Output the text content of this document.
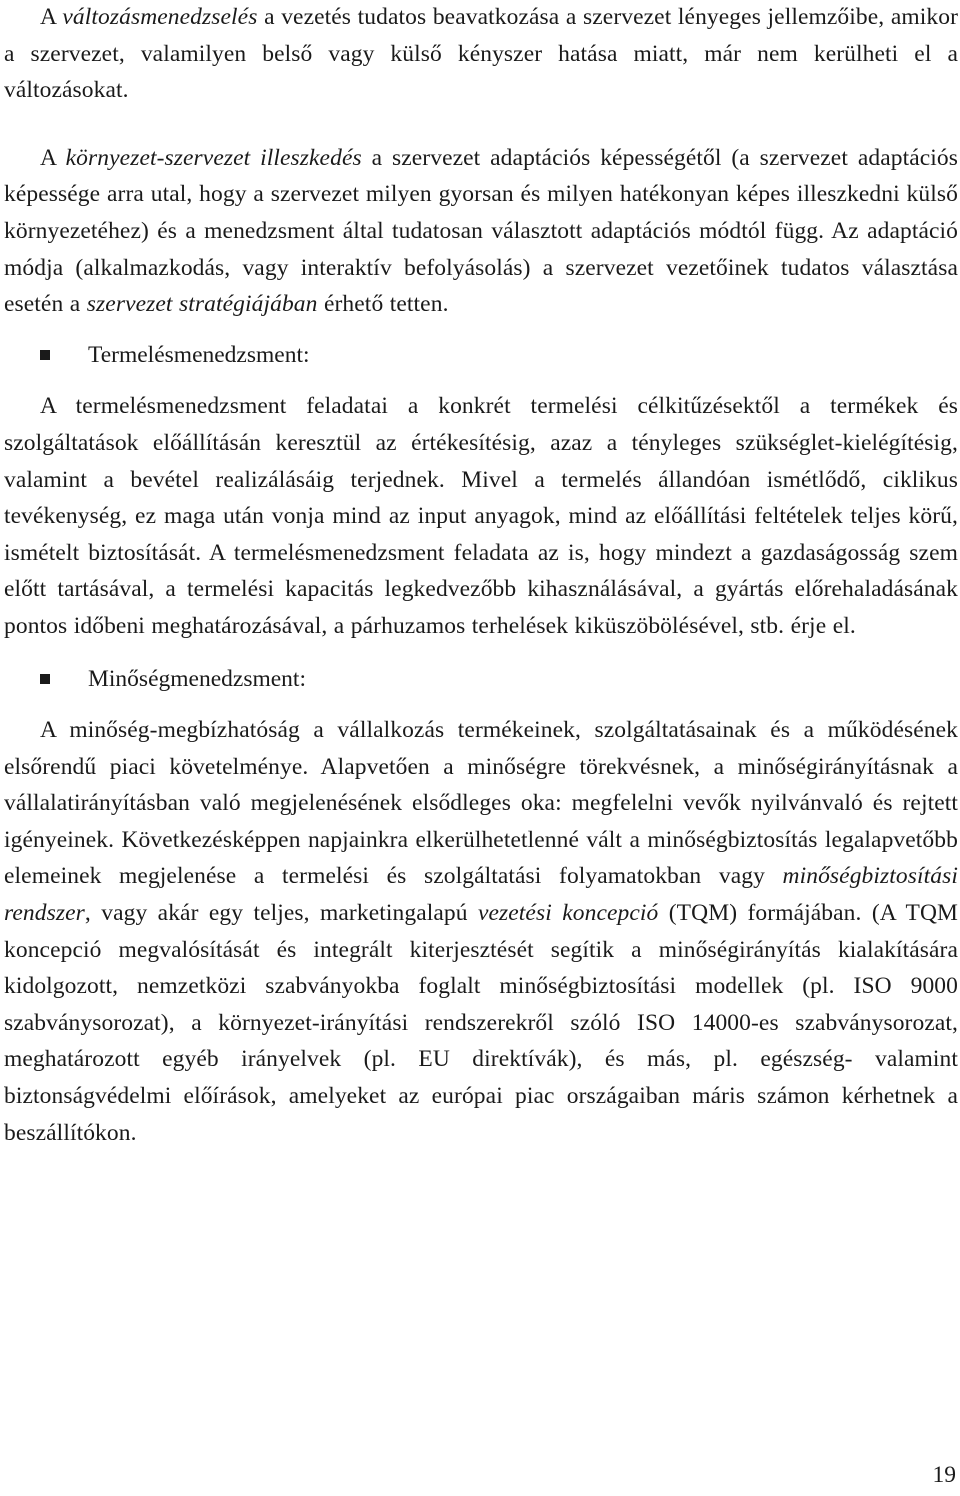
A változásmenedzselés a vezetés tudatos beavatkozása a szervezet lényeges jellemzőibe, amikor a szervezet, valamilyen belső vagy külső kényszer hatása miatt, már nem kerülheti el a változásokat.

A környezet-szervezet illeszkedés a szervezet adaptációs képességétől (a szervezet adaptációs képessége arra utal, hogy a szervezet milyen gyorsan és milyen hatékonyan képes illeszkedni külső környezetéhez) és a menedzsment által tudatosan választott adaptációs módtól függ. Az adaptáció módja (alkalmazkodás, vagy interaktív befolyásolás) a szervezet vezetőinek tudatos választása esetén a szervezet stratégiájában érhető tetten.

Termelésmenedzsment:

A termelésmenedzsment feladatai a konkrét termelési célkitűzésektől a termékek és szolgáltatások előállításán keresztül az értékesítésig, azaz a tényleges szükséglet-kielégítésig, valamint a bevétel realizálásáig terjednek. Mivel a termelés állandóan ismétlődő, ciklikus tevékenység, ez maga után vonja mind az input anyagok, mind az előállítási feltételek teljes körű, ismételt biztosítását. A termelésmenedzsment feladata az is, hogy mindezt a gazdaságosság szem előtt tartásával, a termelési kapacitás legkedvezőbb kihasználásával, a gyártás előrehaladásának pontos időbeni meghatározásával, a párhuzamos terhelések kiküszöbölésével, stb. érje el.

Minőségmenedzsment:

A minőség-megbízhatóság a vállalkozás termékeinek, szolgáltatásainak és a működésének elsőrendű piaci követelménye. Alapvetően a minőségre törekvésnek, a minőségirányításnak a vállalatirányításban való megjelenésének elsődleges oka: megfelelni vevők nyilvánvaló és rejtett igényeinek. Következésképpen napjainkra elkerülhetetlenné vált a minőségbiztosítás legalapvetőbb elemeinek megjelenése a termelési és szolgáltatási folyamatokban vagy minőségbiztosítási rendszer, vagy akár egy teljes, marketingalapú vezetési koncepció (TQM) formájában. (A TQM koncepció megvalósítását és integrált kiterjesztését segítik a minőségirányítás kialakítására kidolgozott, nemzetközi szabványokba foglalt minőségbiztosítási modellek (pl. ISO 9000 szabványsorozat), a környezet-irányítási rendszerekről szóló ISO 14000-es szabványsorozat, meghatározott egyéb irányelvek (pl. EU direktívák), és más, pl. egészség- valamint biztonságvédelmi előírások, amelyeket az európai piac országaiban máris számon kérhetnek a beszállítókon.

19
